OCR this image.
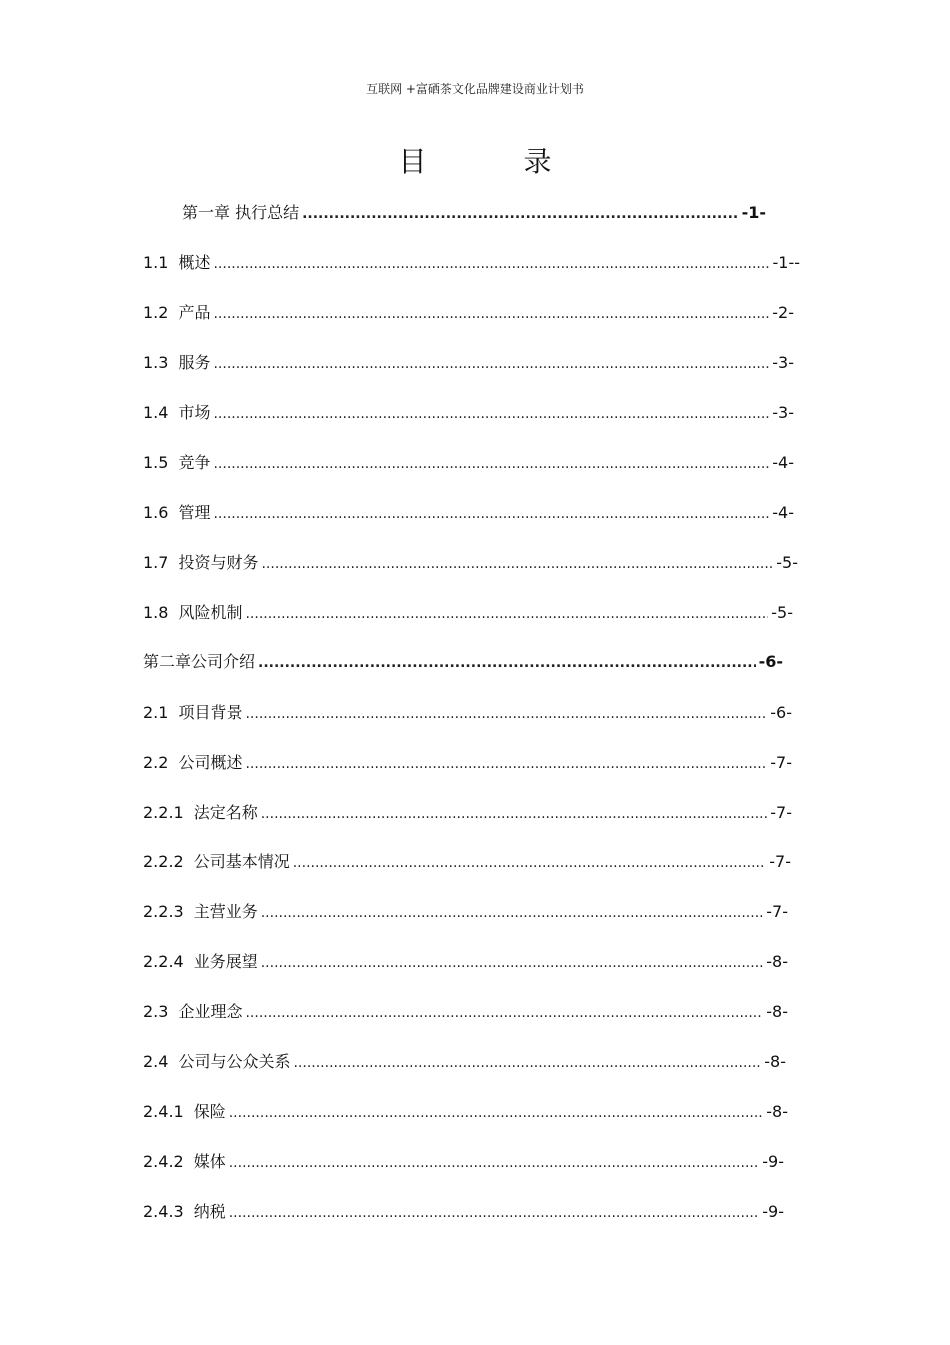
互联网 +富硒茶文化品牌建设商业计划书
目 录
第一章 执行总结 .....	-1-
1.1 概述 .....	-1--
1.2 产品 .....	-2-
1.3 服务 .....	-3-
1.4 市场 .....	-3-
1.5 竞争 .....	-4-
1.6 管理 .....	-4-
1.7 投资与财务 .....	-5-
1.8 风险机制 .....	-5-
第二章公司介绍 .....	-6-
2.1 项目背景 .....	-6-
2.2 公司概述 .....	-7-
2.2.1 法定名称 .....	-7-
2.2.2 公司基本情况 .....	-7-
2.2.3 主营业务 .....	-7-
2.2.4 业务展望 .....	-8-
2.3 企业理念 .....	-8-
2.4 公司与公众关系 .....	-8-
2.4.1 保险 .....	-8-
2.4.2 媒体 .....	-9-
2.4.3 纳税 .....	-9-
